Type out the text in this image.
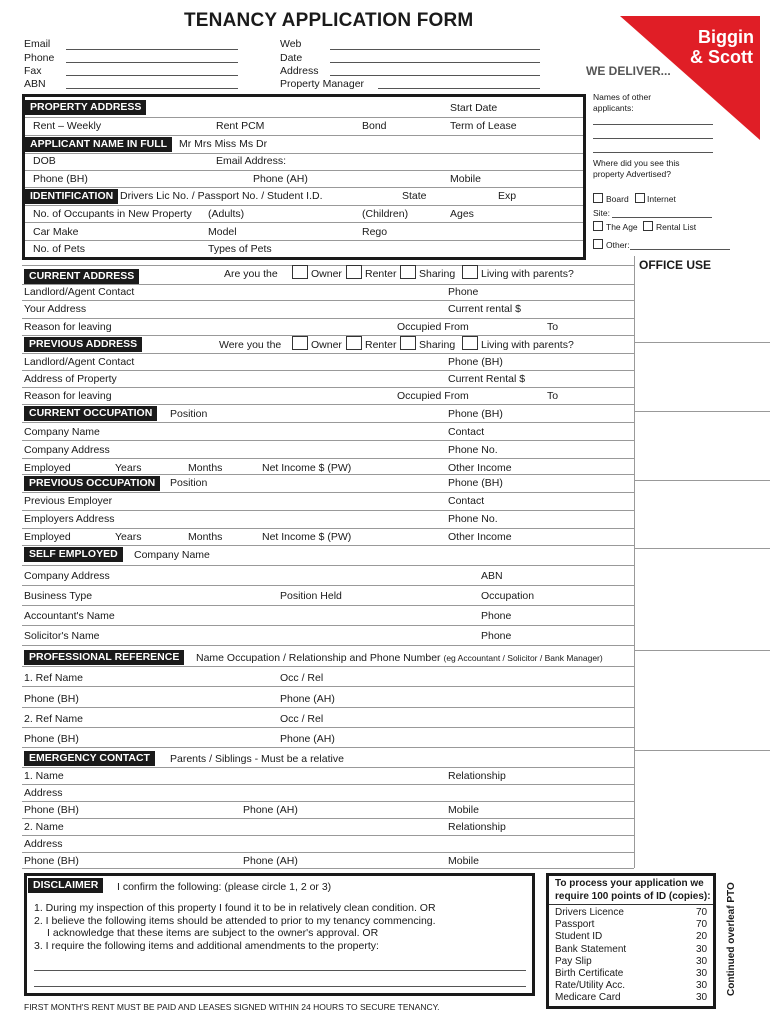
TENANCY APPLICATION FORM
Biggin
& Scott
WE DELIVER...
Email
Phone
Fax
ABN
Web
Date
Address
Property Manager
PROPERTY ADDRESS	Start Date
Rent – Weekly	Rent PCM	Bond	Term of Lease
APPLICANT NAME IN FULL	Mr Mrs Miss Ms Dr
DOB	Email Address:
Phone (BH)	Phone (AH)	Mobile
IDENTIFICATION Drivers Lic No. / Passport No. / Student I.D.	State	Exp
No. of Occupants in New Property (Adults)	(Children)	Ages
Car Make	Model	Rego
No. of Pets	Types of Pets
Names of other applicants:
Where did you see this property Advertised?
Board Internet
Site:
The Age Rental List
Other:
OFFICE USE
CURRENT ADDRESS	Are you the	Owner Renter Sharing Living with parents?
Landlord/Agent Contact	Phone
Your Address	Current rental $
Reason for leaving	Occupied From	To
PREVIOUS ADDRESS	Were you the	Owner Renter Sharing Living with parents?
Landlord/Agent Contact	Phone (BH)
Address of Property	Current Rental $
Reason for leaving	Occupied From	To
CURRENT OCCUPATION	Position	Phone (BH)
Company Name	Contact
Company Address	Phone No.
Employed	Years	Months	Net Income $ (PW)	Other Income
PREVIOUS OCCUPATION	Position	Phone (BH)
Previous Employer	Contact
Employers Address	Phone No.
Employed	Years	Months	Net Income $ (PW)	Other Income
SELF EMPLOYED	Company Name
Company Address	ABN
Business Type	Position Held	Occupation
Accountant's Name	Phone
Solicitor's Name	Phone
PROFESSIONAL REFERENCE	Name Occupation / Relationship and Phone Number (eg Accountant / Solicitor / Bank Manager)
1. Ref Name	Occ / Rel
Phone (BH)	Phone (AH)
2. Ref Name	Occ / Rel
Phone (BH)	Phone (AH)
EMERGENCY CONTACT	Parents / Siblings - Must be a relative
1. Name	Relationship
Address
Phone (BH)	Phone (AH)	Mobile
2. Name	Relationship
Address
Phone (BH)	Phone (AH)	Mobile
DISCLAIMER	I confirm the following: (please circle 1, 2 or 3)
1. During my inspection of this property I found it to be in relatively clean condition. OR
2. I believe the following items should be attended to prior to my tenancy commencing.
I acknowledge that these items are subject to the owner's approval. OR
3. I require the following items and additional amendments to the property:
FIRST MONTH'S RENT MUST BE PAID AND LEASES SIGNED WITHIN 24 HOURS TO SECURE TENANCY.
To process your application we
require 100 points of ID (copies):
Drivers Licence	70
Passport	70
Student ID	20
Bank Statement	30
Pay Slip	30
Birth Certificate	30
Rate/Utility Acc.	30
Medicare Card	30
Continued overleaf PTO
